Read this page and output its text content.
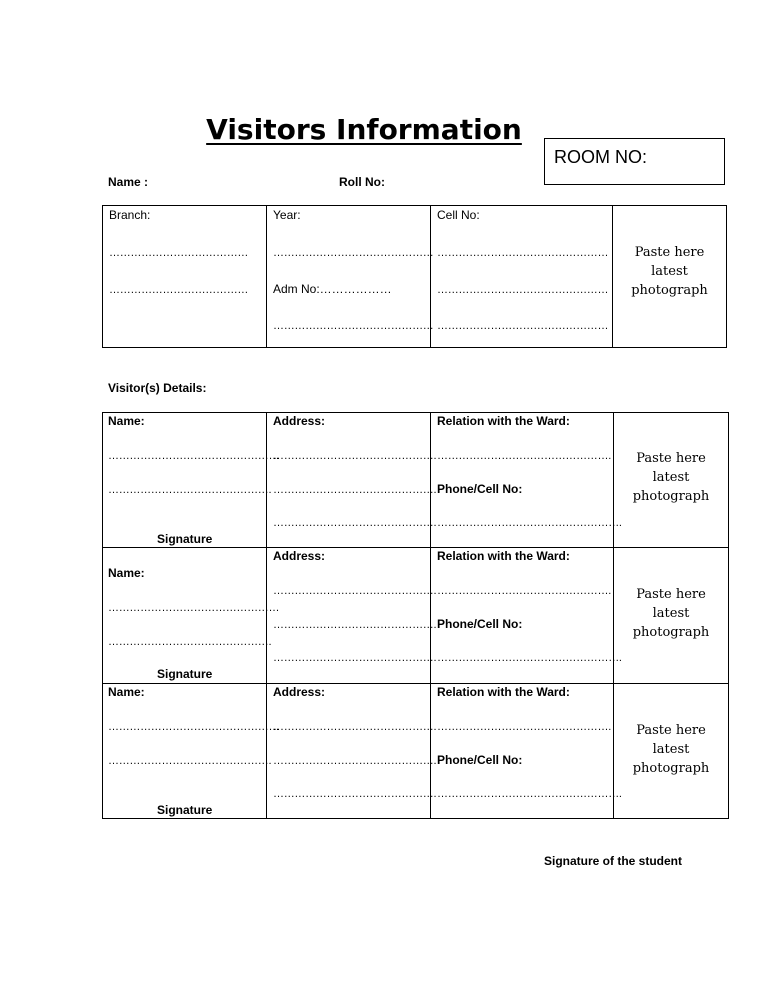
Visitors Information
ROOM NO:
Name :	Roll No:
Branch:
…………………………………
…………………………………
Year:
………………………………………
Adm No:………………
………………………………………
Cell No:
…………………………………………
…………………………………………
…………………………………………
Paste here
latest
photograph
Visitor(s) Details:
Name:
…………………………………………
……………………………………….
Signature
Address:
……………………………………….
……………………………………….
……………………………………….
Relation with the Ward:
………………………………………….
Phone/Cell No:
…………………………………………….
Paste here
latest
photograph
Name:
…………………………………………
……………………………………….
Signature
Address:
……………………………………….
……………………………………….
……………………………………….
Relation with the Ward:
………………………………………….
Phone/Cell No:
…………………………………………….
Paste here
latest
photograph
Name:
…………………………………………
……………………………………….
Signature
Address:
……………………………………….
……………………………………….
……………………………………….
Relation with the Ward:
………………………………………….
Phone/Cell No:
…………………………………………….
Paste here
latest
photograph
Signature of the student
